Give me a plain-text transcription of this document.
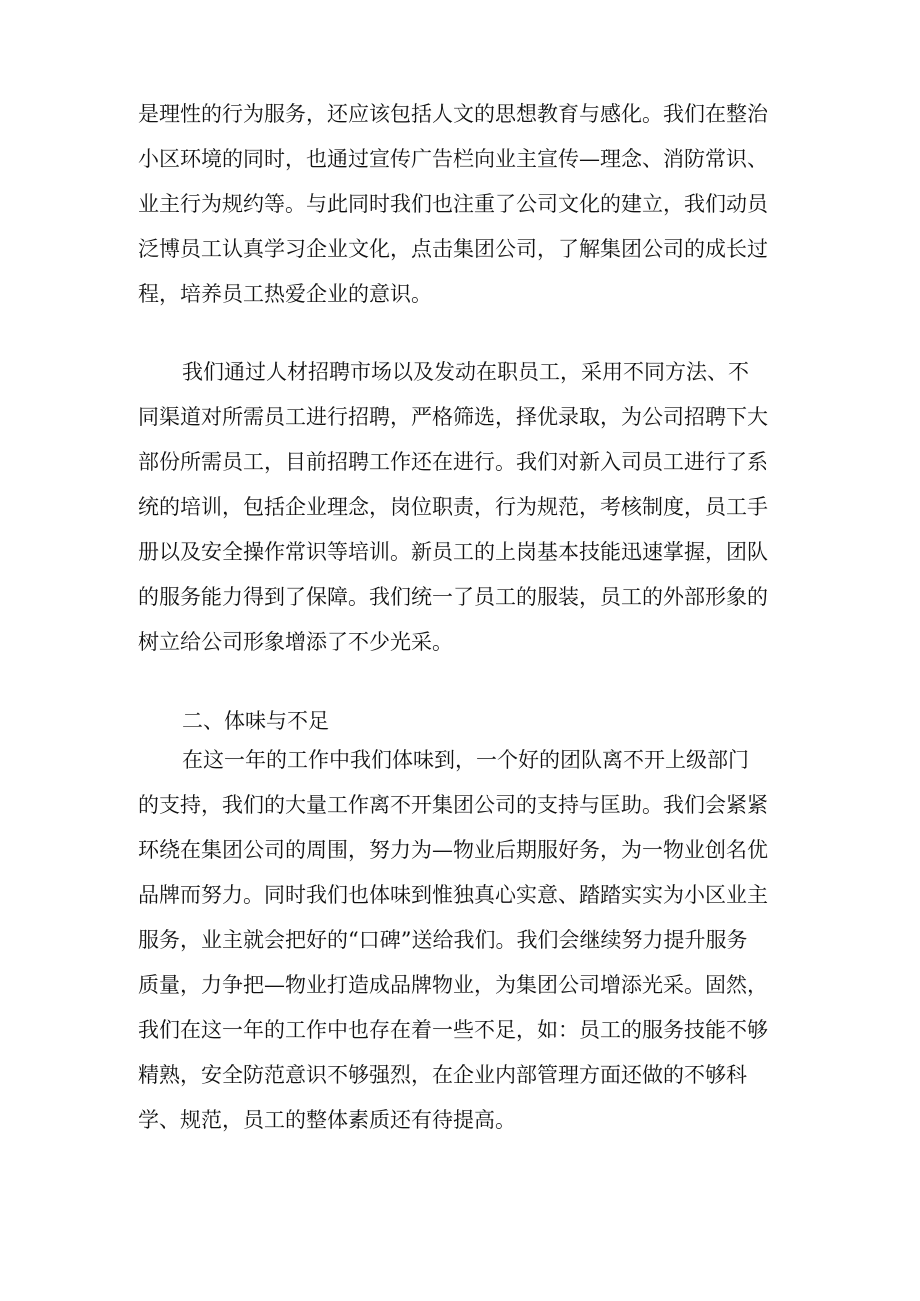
是理性的行为服务，还应该包括人文的思想教育与感化。我们在整治
小区环境的同时，也通过宣传广告栏向业主宣传—理念、消防常识、
业主行为规约等。与此同时我们也注重了公司文化的建立，我们动员
泛博员工认真学习企业文化，点击集团公司，了解集团公司的成长过
程，培养员工热爱企业的意识。
我们通过人材招聘市场以及发动在职员工，采用不同方法、不
同渠道对所需员工进行招聘，严格筛选，择优录取，为公司招聘下大
部份所需员工，目前招聘工作还在进行。我们对新入司员工进行了系
统的培训，包括企业理念，岗位职责，行为规范，考核制度，员工手
册以及安全操作常识等培训。新员工的上岗基本技能迅速掌握，团队
的服务能力得到了保障。我们统一了员工的服装，员工的外部形象的
树立给公司形象增添了不少光采。
二、体味与不足
在这一年的工作中我们体味到，一个好的团队离不开上级部门
的支持，我们的大量工作离不开集团公司的支持与匡助。我们会紧紧
环绕在集团公司的周围，努力为—物业后期服好务，为一物业创名优
品牌而努力。同时我们也体味到惟独真心实意、踏踏实实为小区业主
服务，业主就会把好的“口碑”送给我们。我们会继续努力提升服务
质量，力争把—物业打造成品牌物业，为集团公司增添光采。固然，
我们在这一年的工作中也存在着一些不足，如：员工的服务技能不够
精熟，安全防范意识不够强烈，在企业内部管理方面还做的不够科
学、规范，员工的整体素质还有待提高。
